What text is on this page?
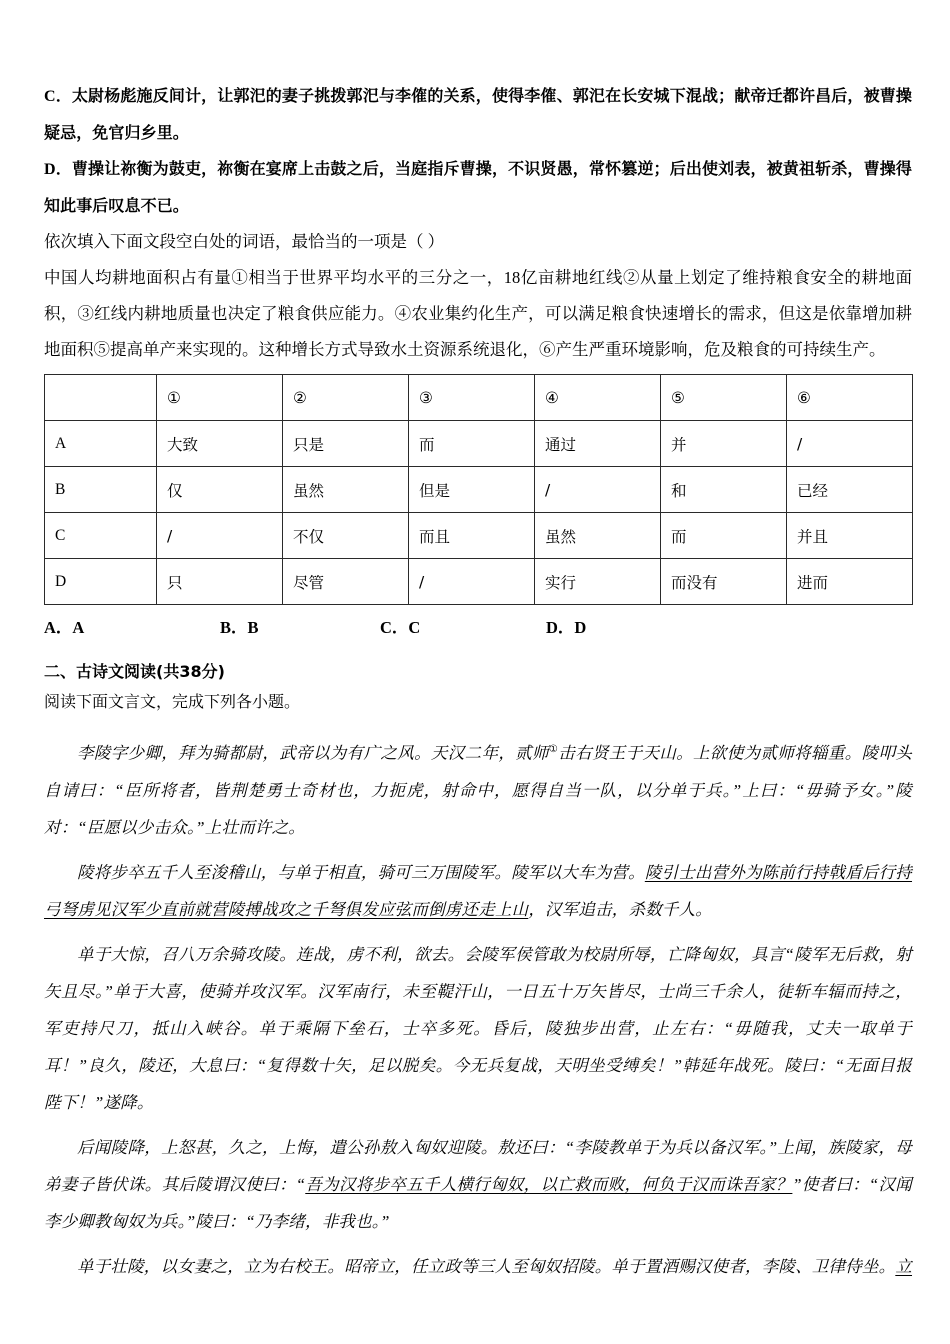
C．太尉杨彪施反间计，让郭汜的妻子挑拨郭汜与李傕的关系，使得李傕、郭汜在长安城下混战；献帝迁都许昌后，被曹操疑忌，免官归乡里。

D．曹操让祢衡为鼓吏，祢衡在宴席上击鼓之后，当庭指斥曹操，不识贤愚，常怀篡逆；后出使刘表，被黄祖斩杀，曹操得知此事后叹息不已。

依次填入下面文段空白处的词语，最恰当的一项是（ ）

中国人均耕地面积占有量①相当于世界平均水平的三分之一，18亿亩耕地红线②从量上划定了维持粮食安全的耕地面积，③红线内耕地质量也决定了粮食供应能力。④农业集约化生产，可以满足粮食快速增长的需求，但这是依靠增加耕地面积⑤提高单产来实现的。这种增长方式导致水土资源系统退化，⑥产生严重环境影响，危及粮食的可持续生产。

	①	②	③	④	⑤	⑥
A	大致	只是	而	通过	并	/
B	仅	虽然	但是	/	和	已经
C	/	不仅	而且	虽然	而	并且
D	只	尽管	/	实行	而没有	进而
A．A	B．B	C．C	D．D

二、古诗文阅读(共38分)

阅读下面文言文，完成下列各小题。

李陵字少卿，拜为骑都尉，武帝以为有广之风。天汉二年，贰师①击右贤王于天山。上欲使为贰师将辎重。陵叩头自请曰：“臣所将者，皆荆楚勇士奇材也，力扼虎，射命中，愿得自当一队，以分单于兵。”上曰：“毋骑予女。”陵对：“臣愿以少击众。”上壮而许之。

陵将步卒五千人至浚稽山，与单于相直，骑可三万围陵军。陵军以大车为营。陵引士出营外为陈前行持戟盾后行持弓弩虏见汉军少直前就营陵搏战攻之千弩俱发应弦而倒虏还走上山，汉军追击，杀数千人。

单于大惊，召八万余骑攻陵。连战，虏不利，欲去。会陵军侯管敢为校尉所辱，亡降匈奴，具言“陵军无后救，射矢且尽。”单于大喜，使骑并攻汉军。汉军南行，未至鞮汗山，一日五十万矢皆尽，士尚三千余人，徒斩车辐而持之，军吏持尺刀，抵山入峡谷。单于乘隔下垒石，士卒多死。昏后，陵独步出营，止左右：“毋随我，丈夫一取单于耳！”良久，陵还，大息曰：“复得数十矢，足以脱矣。今无兵复战，天明坐受缚矣！”韩延年战死。陵曰：“无面目报陛下！”遂降。

后闻陵降，上怒甚，久之，上悔，遣公孙敖入匈奴迎陵。敖还曰：“李陵教单于为兵以备汉军。”上闻，族陵家，母弟妻子皆伏诛。其后陵谓汉使曰：“吾为汉将步卒五千人横行匈奴，以亡救而败，何负于汉而诛吾家？”使者曰：“汉闻李少卿教匈奴为兵。”陵曰：“乃李绪，非我也。”

单于壮陵，以女妻之，立为右校王。昭帝立，任立政等三人至匈奴招陵。单于置酒赐汉使者，李陵、卫律侍坐。立
